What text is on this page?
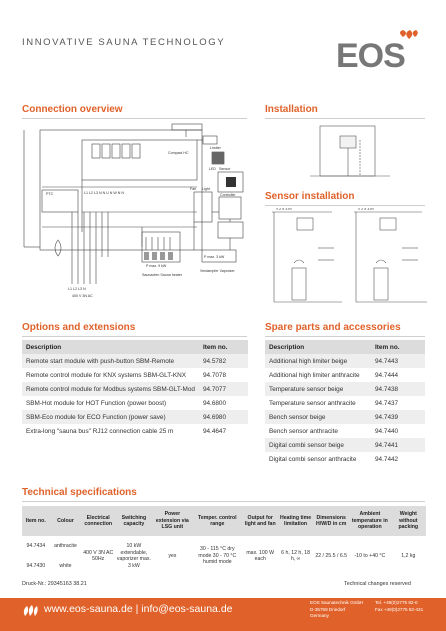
INNOVATIVE SAUNA TECHNOLOGY	EOS
Connection overview	Installation
Sensor installation
Compact HC
Limiter
LED Sensor
PTC	L1 L2 L3 N N U N W N N	Controller
Fan Light
L1 L2 L3 N
400 V 3N AC
P max. 9 kW
P max. 3 kW
Saunaofen Sauna heater
Verdampfer Vaporizer
≈ 2 x 3 m	≈ 2 x 3 m
Options and extensions
Description	Item no.
Remote start module with push-button SBM-Remote	94.5782
Remote control module for KNX systems SBM-GLT-KNX	94.7078
Remote control module for Modbus systems SBM-GLT-Mod	94.7077
SBM-Hot module for HOT Function (power boost)	94.6800
SBM-Eco module for ECO Function (power save)	94.6980
Extra-long "sauna bus" RJ12 connection cable 25 m	94.4647
Spare parts and accessories
Description	Item no.
Additional high limiter beige	94.7443
Additional high limiter anthracite	94.7444
Temperature sensor beige	94.7438
Temperature sensor anthracite	94.7437
Bench sensor beige	94.7439
Bench sensor anthracite	94.7440
Digital combi sensor beige	94.7441
Digital combi sensor anthracite	94.7442
Technical specifications
Item no.	Colour	Electrical connection	Switching capacity	Power extension via LSG unit	Temper. control range	Output for light and fan	Heating time limitation	Dimensions H/W/D in cm	Ambient temperature in operation	Weight without packing
94.7434	anthracite	400 V 3N AC 50Hz	10 kW extendable, vaporizer max. 3 kW	yes	30 - 115 °C dry mode 30 - 70 °C humid mode	max. 100 W each	6 h, 12 h, 18 h, ∞	22 / 25.5 / 6.5	-10 to +40 °C	1,2 kg
94.7430	white									
Druck-Nr.: 29345163 38.21	Technical changes reserved
www.eos-sauna.de | info@eos-sauna.de
EOS Saunatechnik GmbH
D-35759 Driedorf
Germany
Tel. +49(0)2775 82-0
Fax +49(0)2775 82-431
